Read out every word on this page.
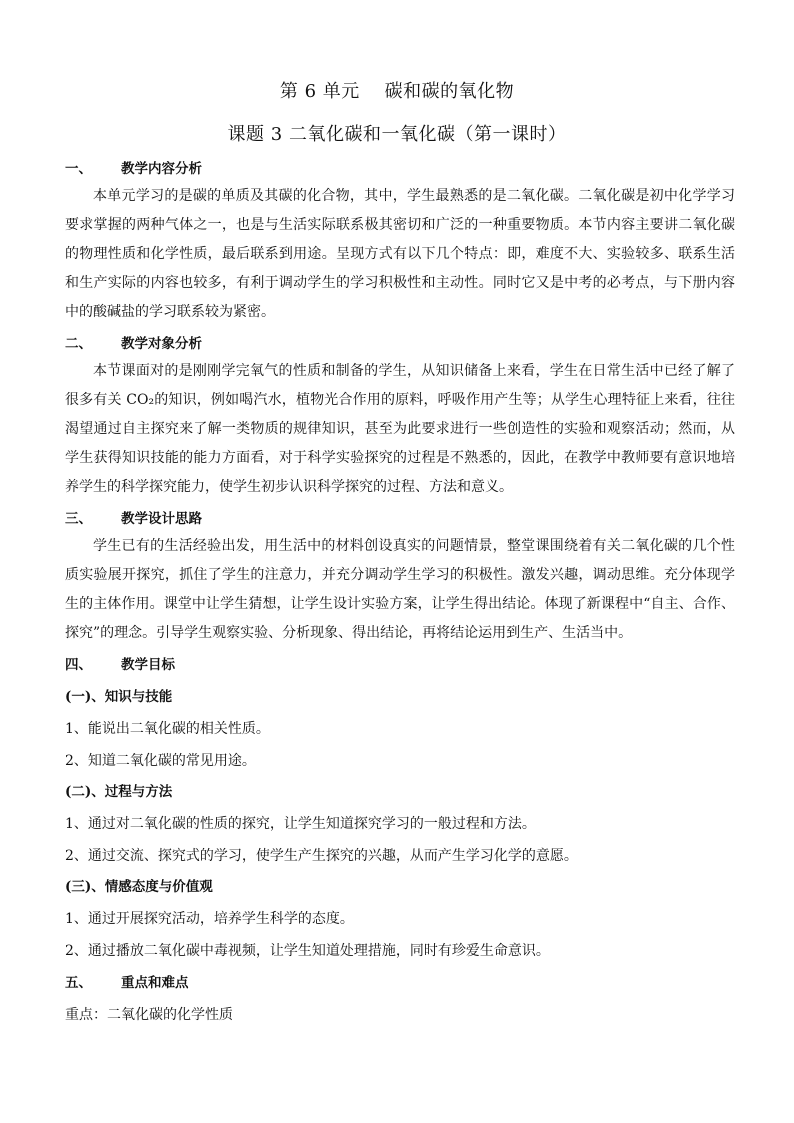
第 6 单元    碳和碳的氧化物
课题 3 二氧化碳和一氧化碳（第一课时）
一、 教学内容分析
本单元学习的是碳的单质及其碳的化合物，其中，学生最熟悉的是二氧化碳。二氧化碳是初中化学学习要求掌握的两种气体之一，也是与生活实际联系极其密切和广泛的一种重要物质。本节内容主要讲二氧化碳的物理性质和化学性质，最后联系到用途。呈现方式有以下几个特点：即，难度不大、实验较多、联系生活和生产实际的内容也较多，有利于调动学生的学习积极性和主动性。同时它又是中考的必考点，与下册内容中的酸碱盐的学习联系较为紧密。
二、 教学对象分析
本节课面对的是刚刚学完氧气的性质和制备的学生，从知识储备上来看，学生在日常生活中已经了解了很多有关 CO₂的知识，例如喝汽水，植物光合作用的原料，呼吸作用产生等；从学生心理特征上来看，往往渴望通过自主探究来了解一类物质的规律知识，甚至为此要求进行一些创造性的实验和观察活动；然而，从学生获得知识技能的能力方面看，对于科学实验探究的过程是不熟悉的，因此，在教学中教师要有意识地培养学生的科学探究能力，使学生初步认识科学探究的过程、方法和意义。
三、 教学设计思路
学生已有的生活经验出发，用生活中的材料创设真实的问题情景，整堂课围绕着有关二氧化碳的几个性质实验展开探究，抓住了学生的注意力，并充分调动学生学习的积极性。激发兴趣，调动思维。充分体现学生的主体作用。课堂中让学生猜想，让学生设计实验方案，让学生得出结论。体现了新课程中“自主、合作、探究”的理念。引导学生观察实验、分析现象、得出结论，再将结论运用到生产、生活当中。
四、 教学目标
(一)、知识与技能
1、能说出二氧化碳的相关性质。
2、知道二氧化碳的常见用途。
(二)、过程与方法
1、通过对二氧化碳的性质的探究，让学生知道探究学习的一般过程和方法。
2、通过交流、探究式的学习，使学生产生探究的兴趣，从而产生学习化学的意愿。
(三)、情感态度与价值观
1、通过开展探究活动，培养学生科学的态度。
2、通过播放二氧化碳中毒视频，让学生知道处理措施，同时有珍爱生命意识。
五、 重点和难点
重点：二氧化碳的化学性质
